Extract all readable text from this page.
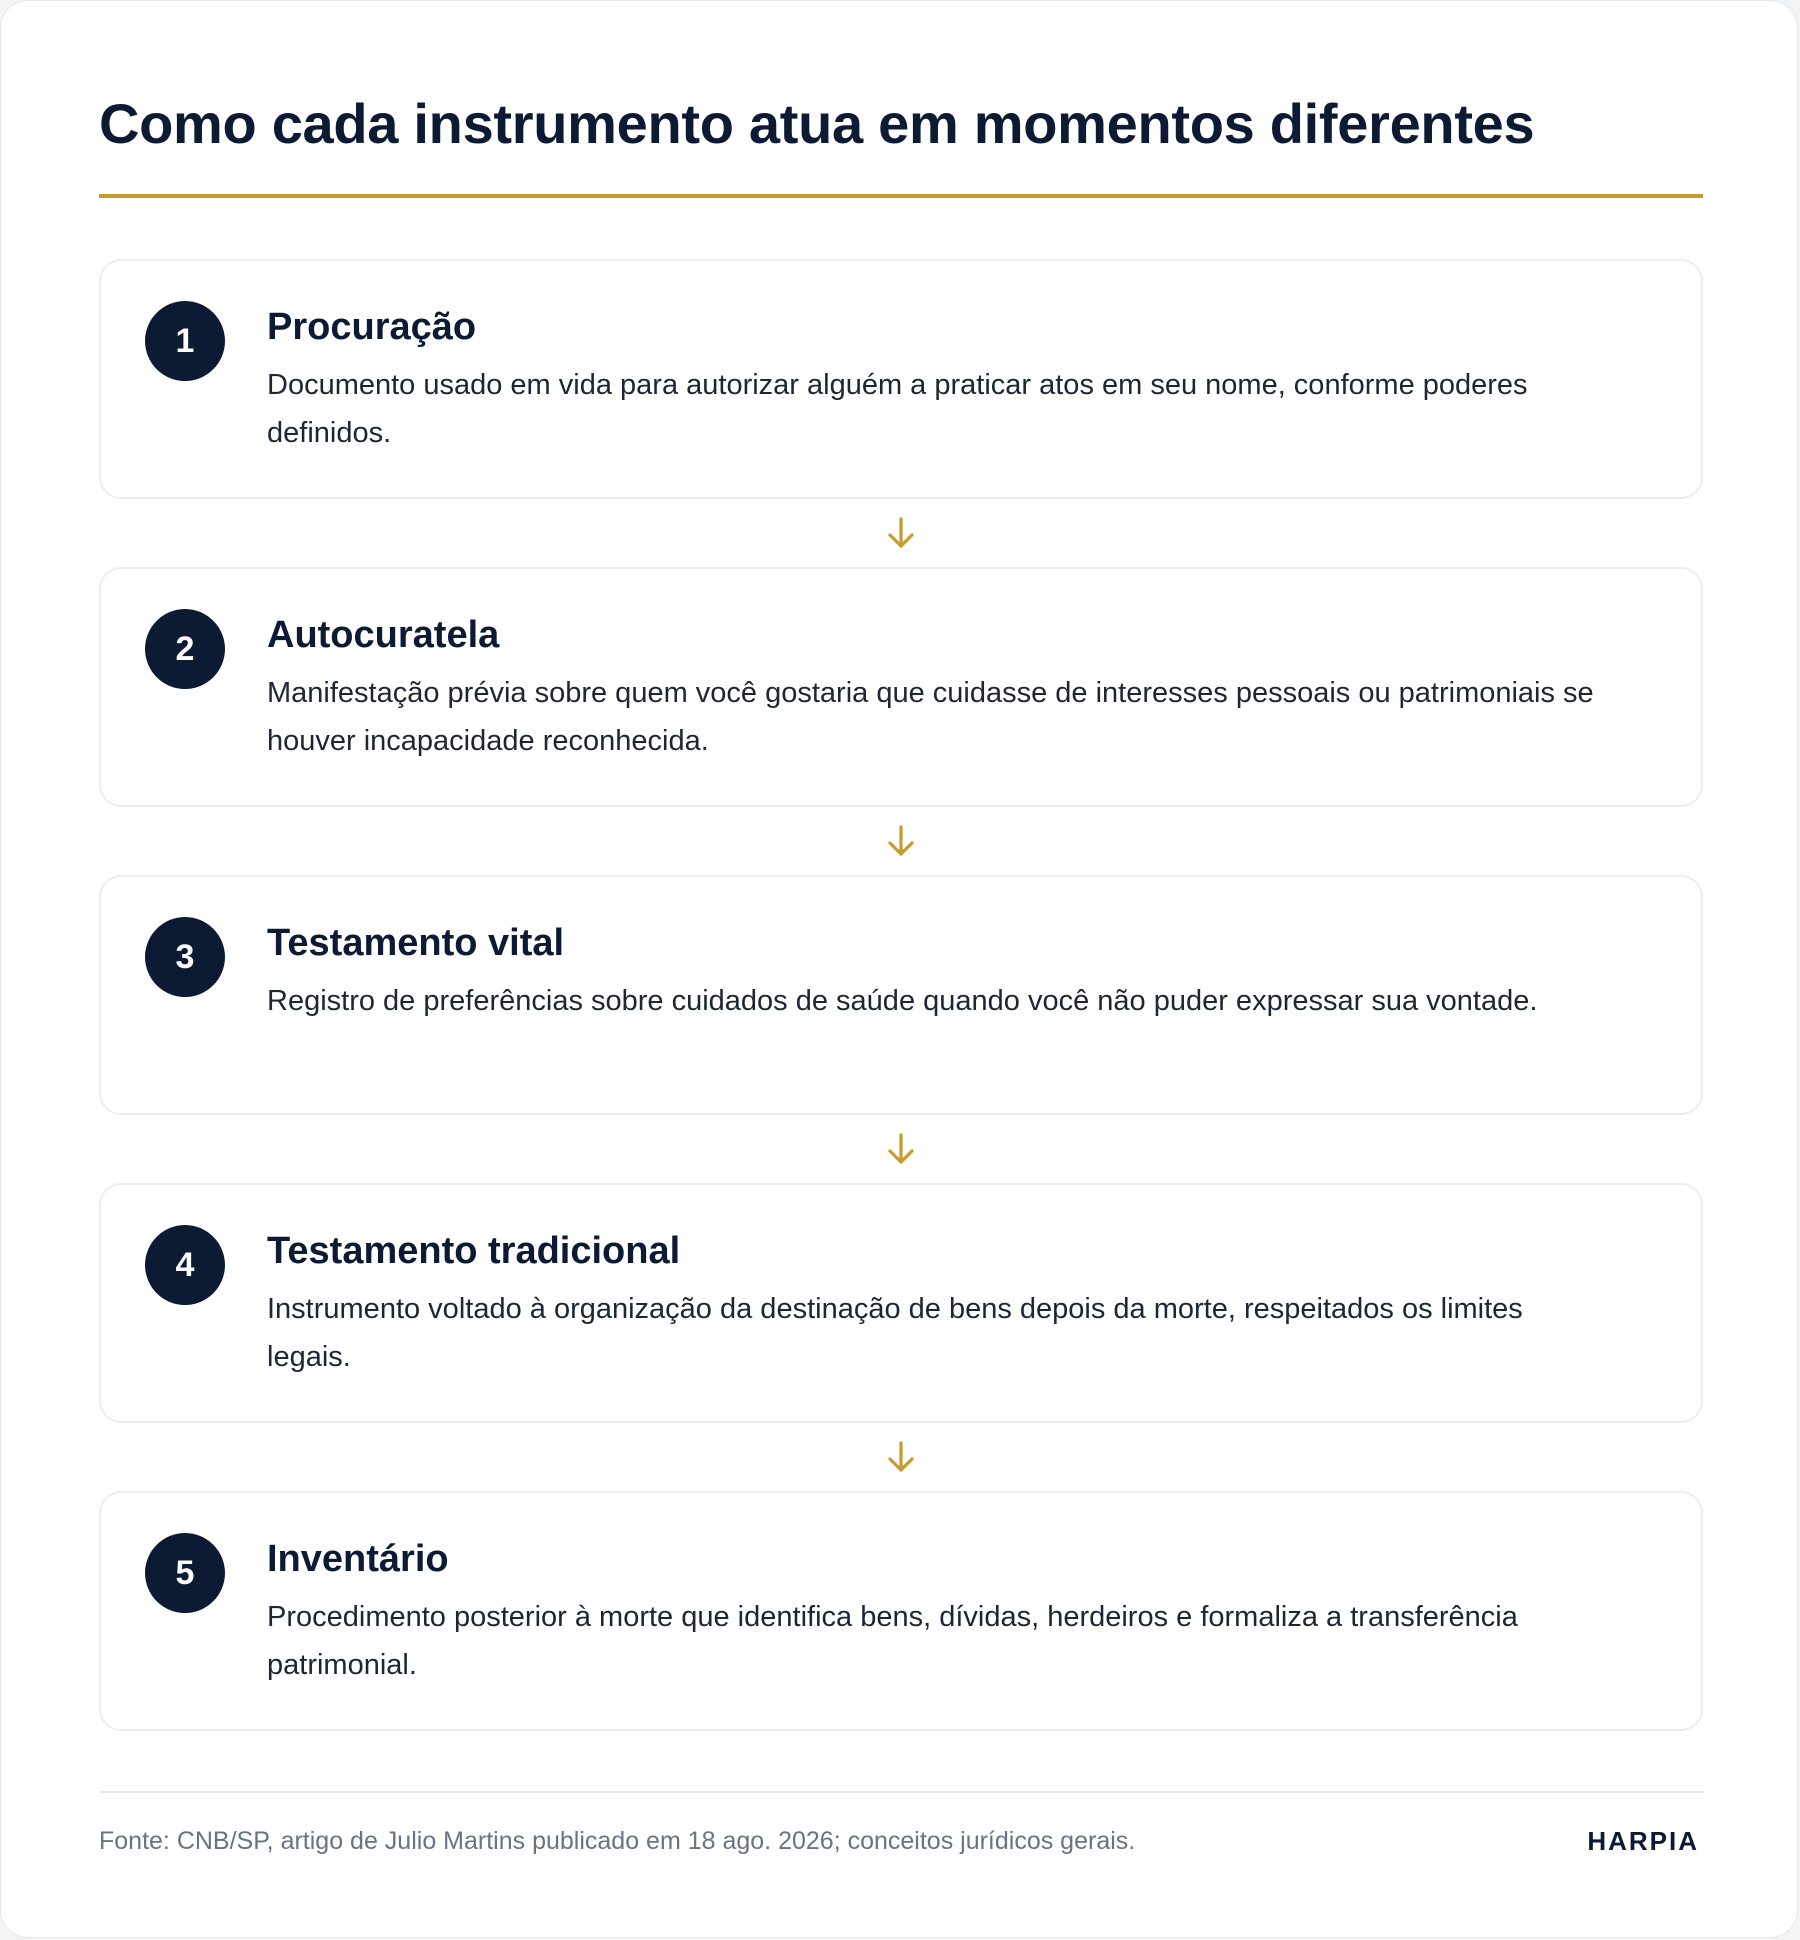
Como cada instrumento atua em momentos diferentes
1	Procuração
Documento usado em vida para autorizar alguém a praticar atos em seu nome, conforme poderes definidos.
2	Autocuratela
Manifestação prévia sobre quem você gostaria que cuidasse de interesses pessoais ou patrimoniais se houver incapacidade reconhecida.
3	Testamento vital
Registro de preferências sobre cuidados de saúde quando você não puder expressar sua vontade.
4	Testamento tradicional
Instrumento voltado à organização da destinação de bens depois da morte, respeitados os limites legais.
5	Inventário
Procedimento posterior à morte que identifica bens, dívidas, herdeiros e formaliza a transferência patrimonial.
Fonte: CNB/SP, artigo de Julio Martins publicado em 18 ago. 2026; conceitos jurídicos gerais.	HARPIA
